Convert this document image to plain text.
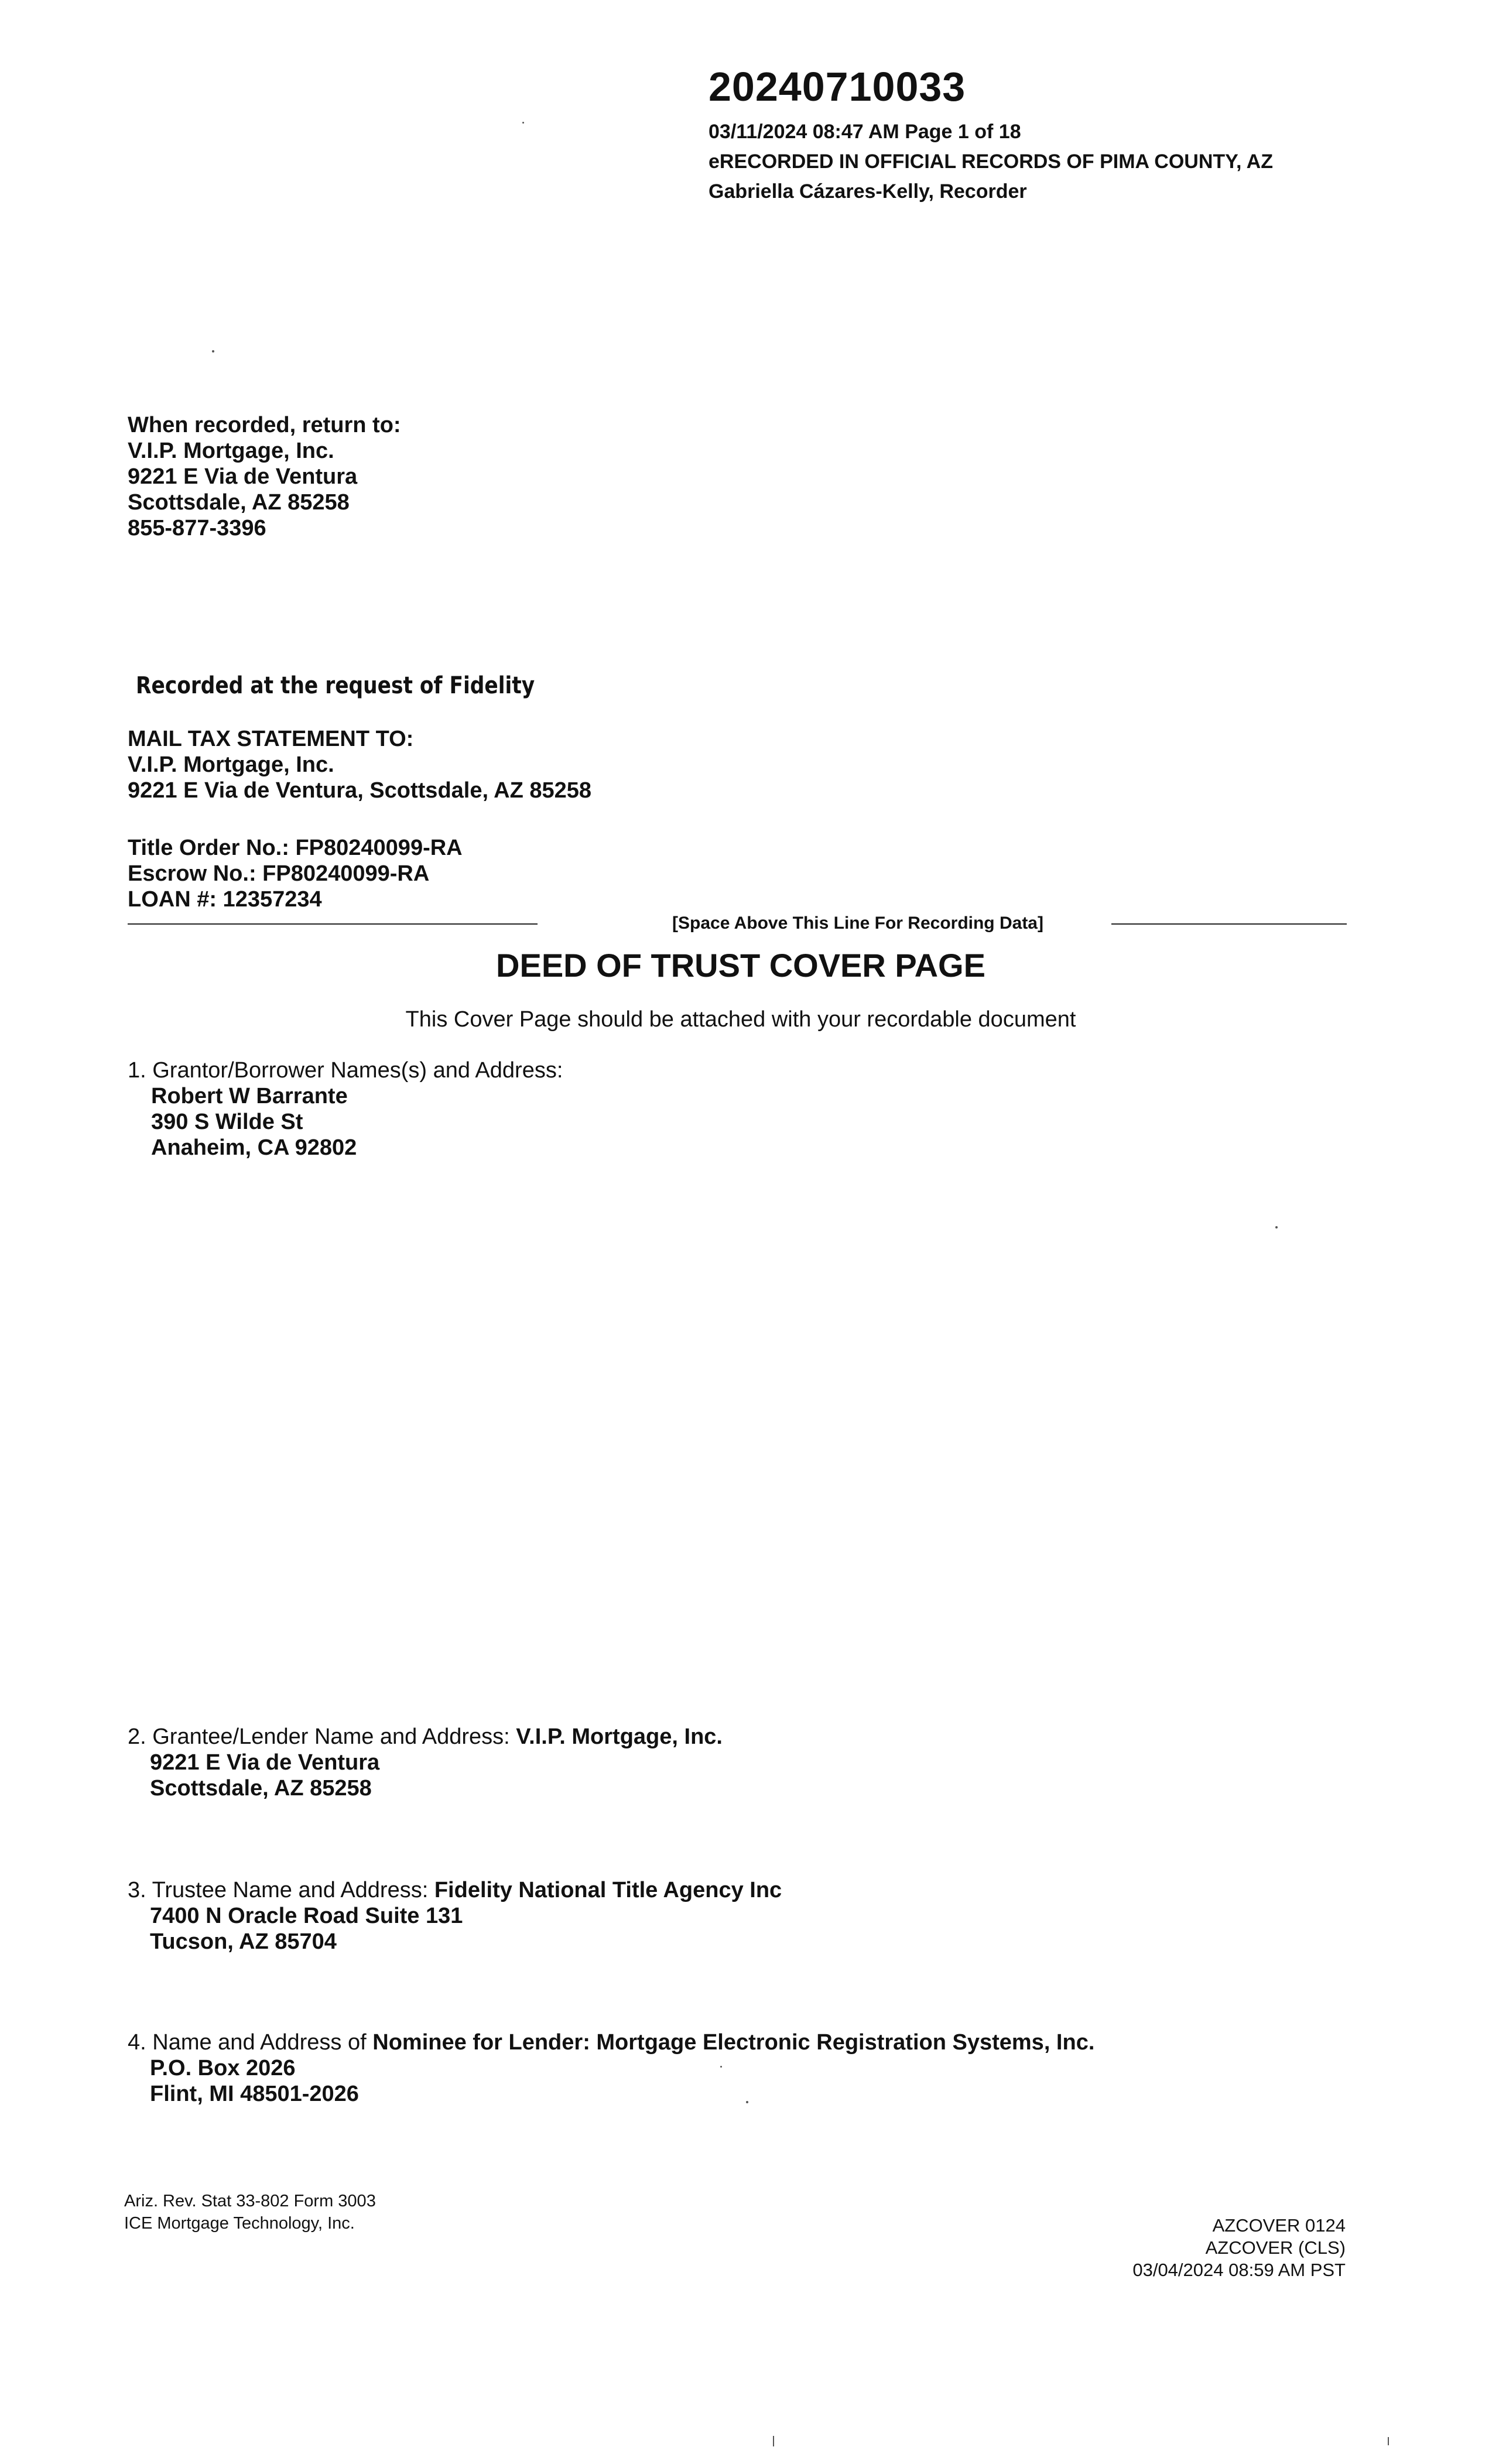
20240710033
03/11/2024 08:47 AM Page 1 of 18
eRECORDED IN OFFICIAL RECORDS OF PIMA COUNTY, AZ
Gabriella Cázares-Kelly, Recorder
When recorded, return to:
V.I.P. Mortgage, Inc.
9221 E Via de Ventura
Scottsdale, AZ 85258
855-877-3396
Recorded at the request of Fidelity
MAIL TAX STATEMENT TO:
V.I.P. Mortgage, Inc.
9221 E Via de Ventura, Scottsdale, AZ 85258
Title Order No.: FP80240099-RA
Escrow No.: FP80240099-RA
LOAN #: 12357234
[Space Above This Line For Recording Data]
DEED OF TRUST COVER PAGE
This Cover Page should be attached with your recordable document
1. Grantor/Borrower Names(s) and Address:
Robert W Barrante
390 S Wilde St
Anaheim, CA 92802
2. Grantee/Lender Name and Address: V.I.P. Mortgage, Inc.
9221 E Via de Ventura
Scottsdale, AZ 85258
3. Trustee Name and Address: Fidelity National Title Agency Inc
7400 N Oracle Road Suite 131
Tucson, AZ 85704
4. Name and Address of Nominee for Lender: Mortgage Electronic Registration Systems, Inc.
P.O. Box 2026
Flint, MI 48501-2026
Ariz. Rev. Stat 33-802 Form 3003
ICE Mortgage Technology, Inc.	AZCOVER 0124
AZCOVER (CLS)
03/04/2024 08:59 AM PST
